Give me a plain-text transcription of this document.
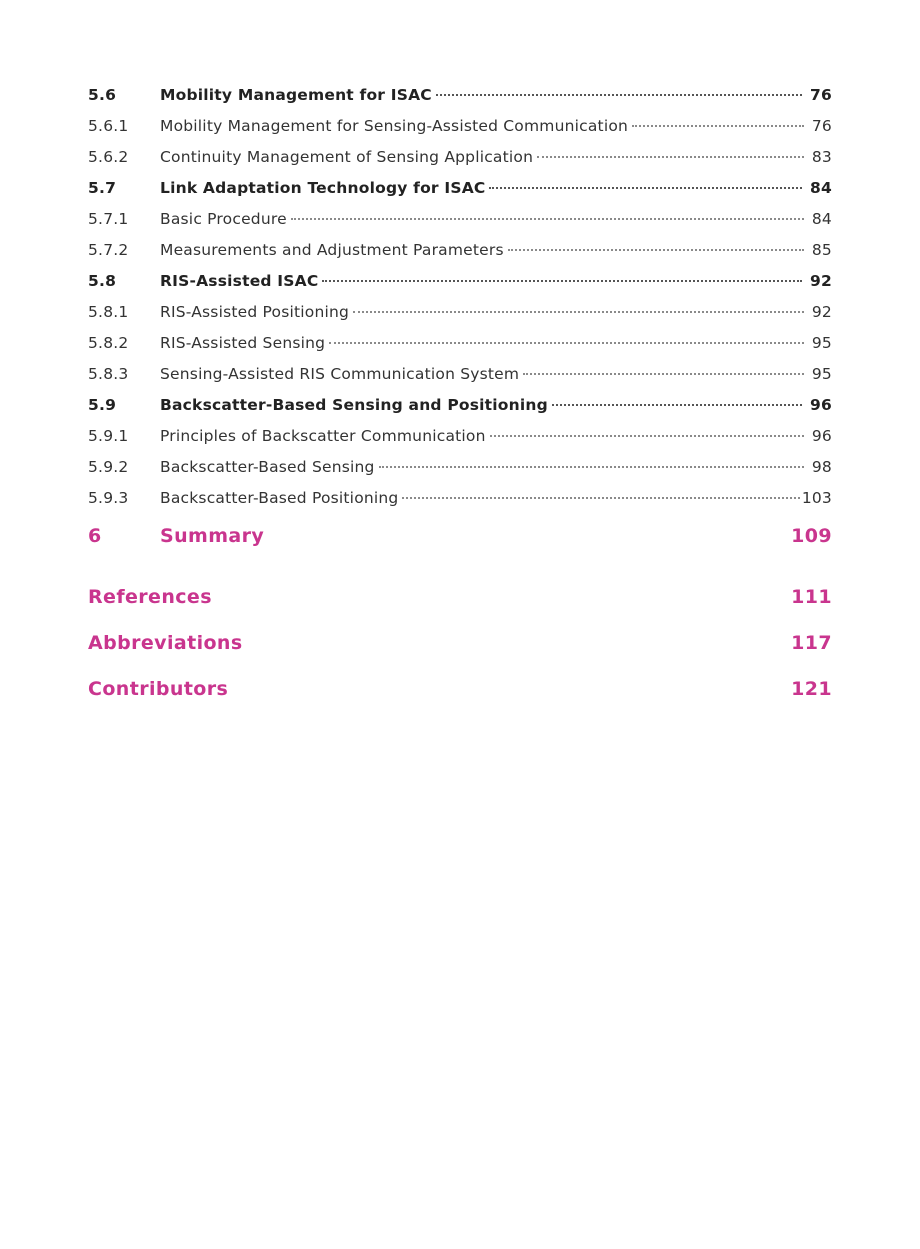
5.6	Mobility Management for ISAC	76
5.6.1	Mobility Management for Sensing-Assisted Communication	76
5.6.2	Continuity Management of Sensing Application	83
5.7	Link Adaptation Technology for ISAC	84
5.7.1	Basic Procedure	84
5.7.2	Measurements and Adjustment Parameters	85
5.8	RIS-Assisted ISAC	92
5.8.1	RIS-Assisted Positioning	92
5.8.2	RIS-Assisted Sensing	95
5.8.3	Sensing-Assisted RIS Communication System	95
5.9	Backscatter-Based Sensing and Positioning	96
5.9.1	Principles of Backscatter Communication	96
5.9.2	Backscatter-Based Sensing	98
5.9.3	Backscatter-Based Positioning	103
6	Summary	109
References	111
Abbreviations	117
Contributors	121
